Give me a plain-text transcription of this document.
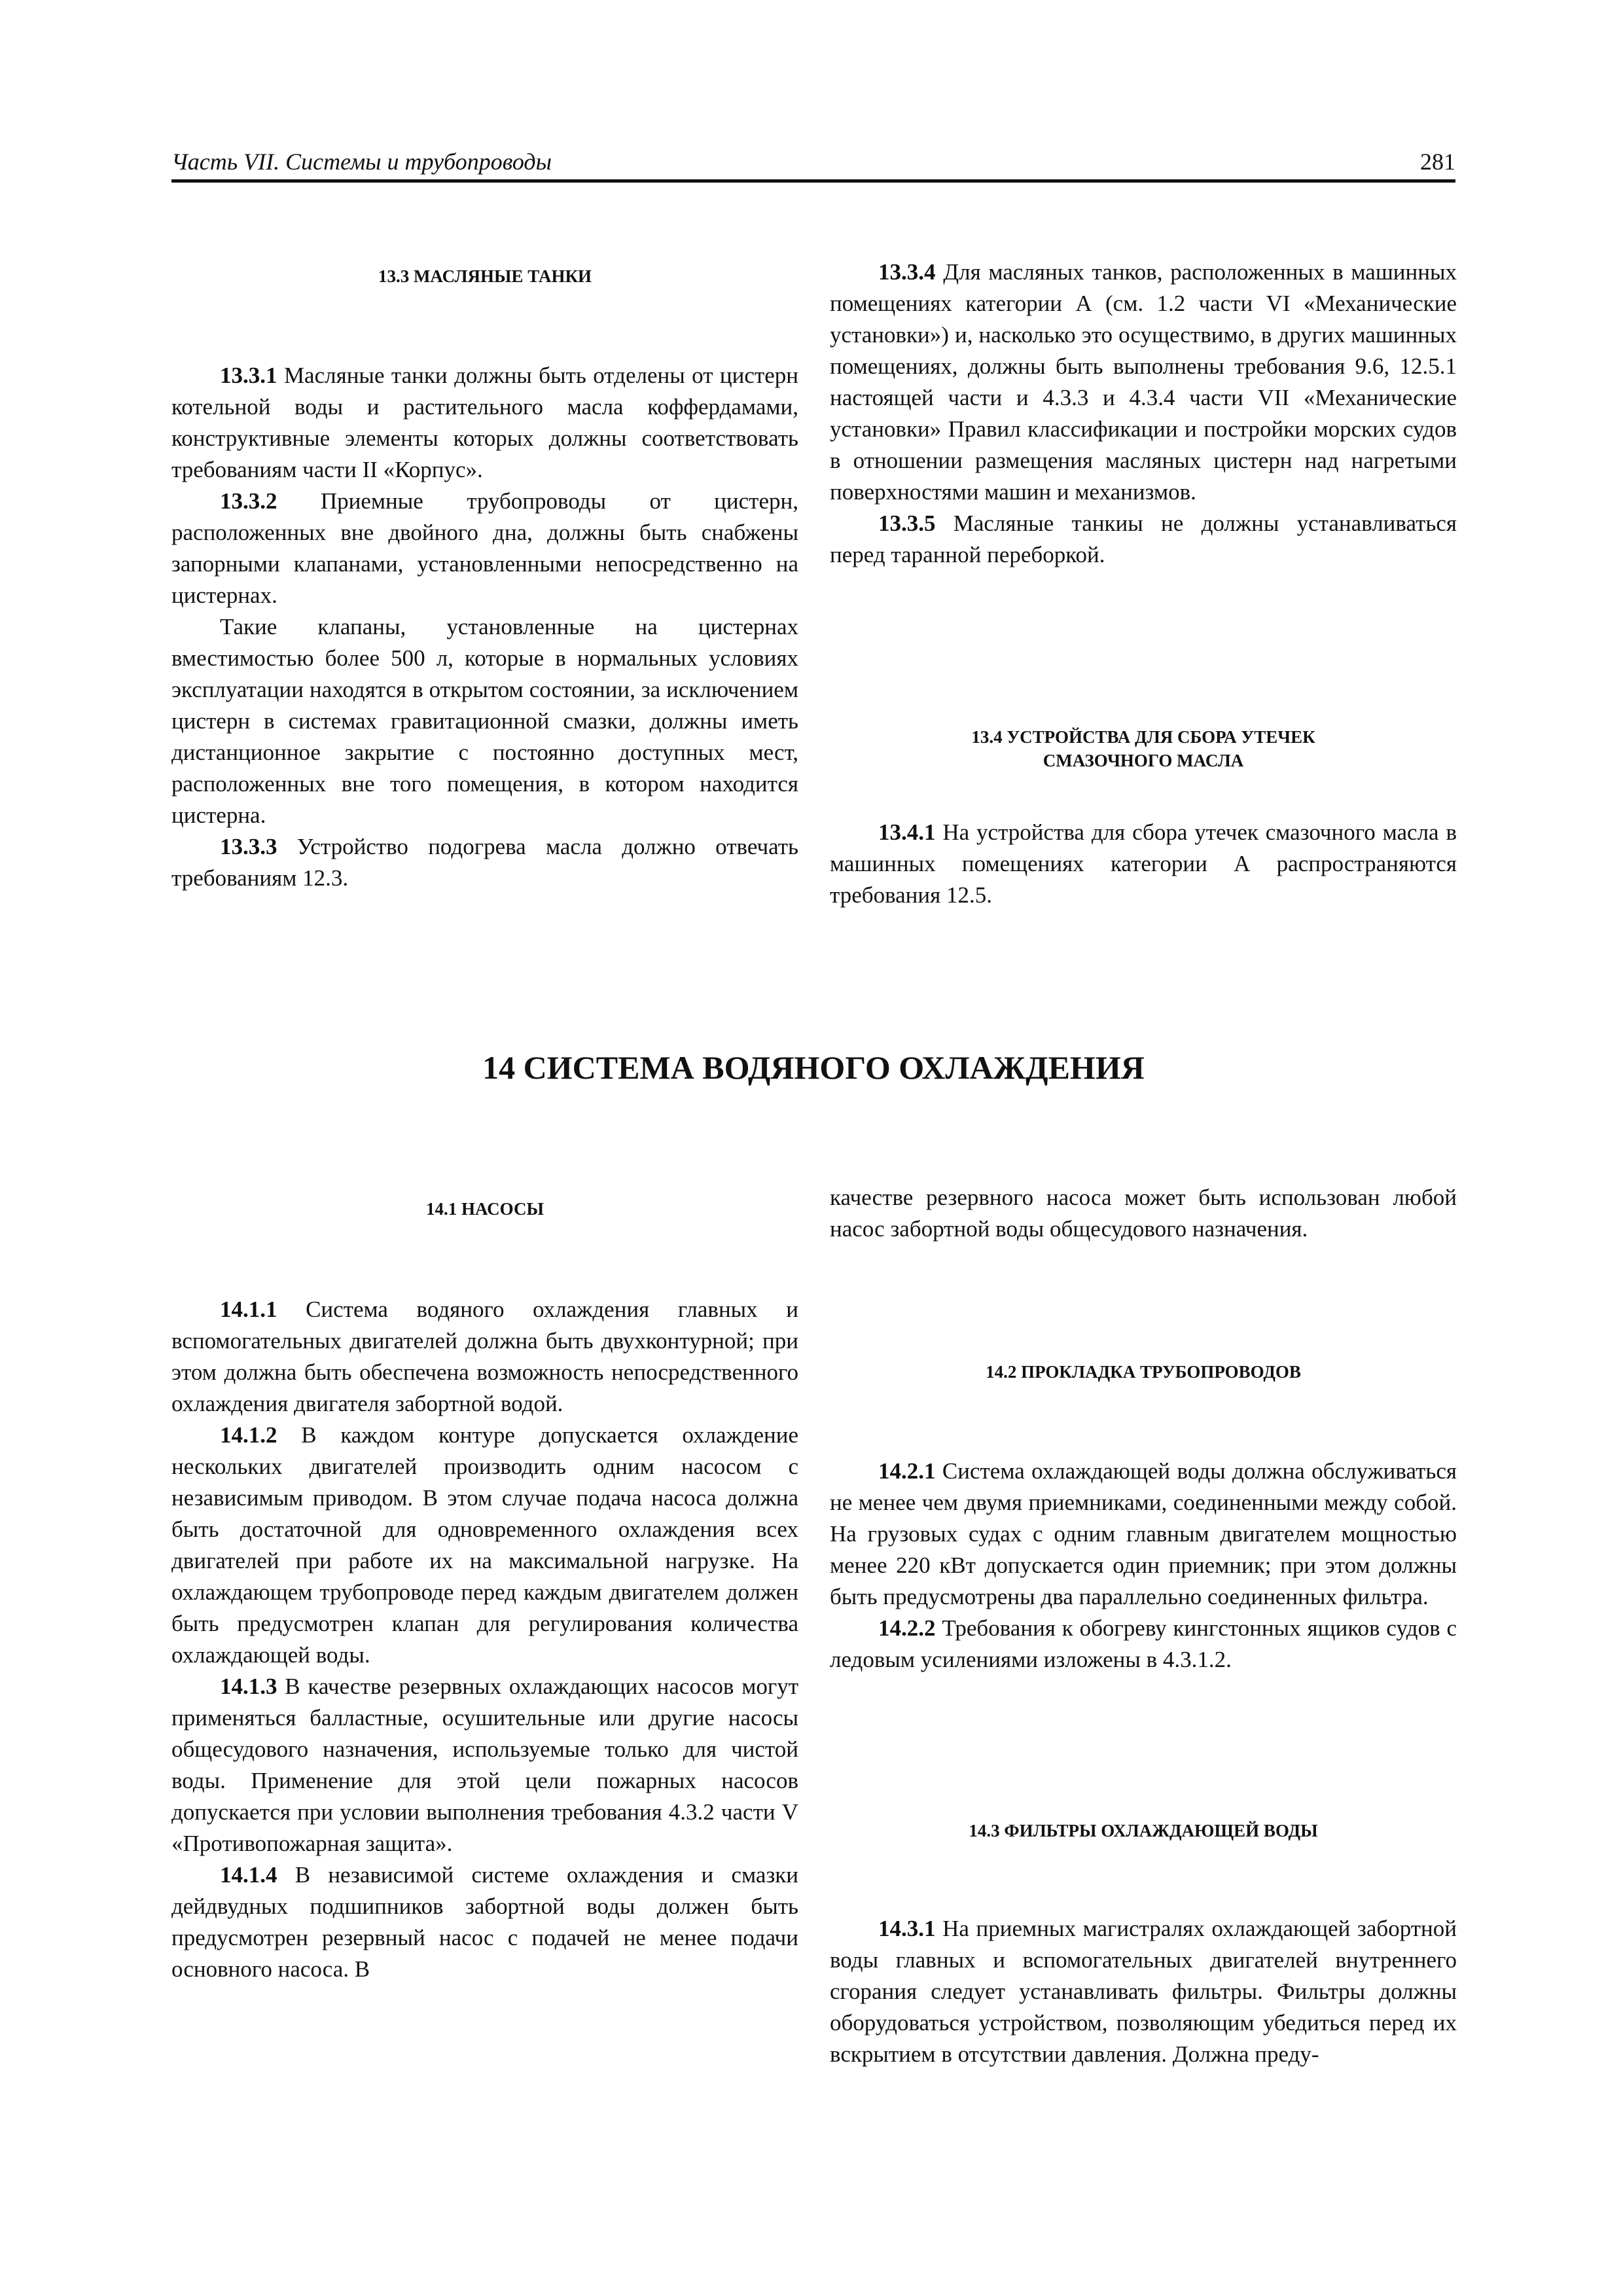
Часть VII. Системы и трубопроводы	281
13.3 МАСЛЯНЫЕ ТАНКИ

13.3.1 Масляные танки должны быть отделены от цистерн котельной воды и растительного масла коффердамами, конструктивные элементы которых должны соответствовать требованиям части II «Корпус».

13.3.2 Приемные трубопроводы от цистерн, расположенных вне двойного дна, должны быть снабжены запорными клапанами, установленными непосредственно на цистернах.

Такие клапаны, установленные на цистернах вместимостью более 500 л, которые в нормальных условиях эксплуатации находятся в открытом состоянии, за исключением цистерн в системах гравитационной смазки, должны иметь дистанционное закрытие с постоянно доступных мест, расположенных вне того помещения, в котором находится цистерна.

13.3.3 Устройство подогрева масла должно отвечать требованиям 12.3.

13.3.4 Для масляных танков, расположенных в машинных помещениях категории А (см. 1.2 части VI «Механические установки») и, насколько это осуществимо, в других машинных помещениях, должны быть выполнены требования 9.6, 12.5.1 настоящей части и 4.3.3 и 4.3.4 части VII «Механические установки» Правил классификации и постройки морских судов в отношении размещения масляных цистерн над нагретыми поверхностями машин и механизмов.

13.3.5 Масляные танкиы не должны устанавливаться перед таранной переборкой.

13.4 УСТРОЙСТВА ДЛЯ СБОРА УТЕЧЕК
СМАЗОЧНОГО МАСЛА

13.4.1 На устройства для сбора утечек смазочного масла в машинных помещениях категории А распространяются требования 12.5.

14 СИСТЕМА ВОДЯНОГО ОХЛАЖДЕНИЯ
14.1 НАСОСЫ

14.1.1 Система водяного охлаждения главных и вспомогательных двигателей должна быть двухконтурной; при этом должна быть обеспечена возможность непосредственного охлаждения двигателя забортной водой.

14.1.2 В каждом контуре допускается охлаждение нескольких двигателей производить одним насосом с независимым приводом. В этом случае подача насоса должна быть достаточной для одновременного охлаждения всех двигателей при работе их на максимальной нагрузке. На охлаждающем трубопроводе перед каждым двигателем должен быть предусмотрен клапан для регулирования количества охлаждающей воды.

14.1.3 В качестве резервных охлаждающих насосов могут применяться балластные, осушительные или другие насосы общесудового назначения, используемые только для чистой воды. Применение для этой цели пожарных насосов допускается при условии выполнения требования 4.3.2 части V «Противопожарная защита».

14.1.4 В независимой системе охлаждения и смазки дейдвудных подшипников забортной воды должен быть предусмотрен резервный насос с подачей не менее подачи основного насоса. В

качестве резервного насоса может быть использован любой насос забортной воды общесудового назначения.

14.2 ПРОКЛАДКА ТРУБОПРОВОДОВ

14.2.1 Система охлаждающей воды должна обслуживаться не менее чем двумя приемниками, соединенными между собой. На грузовых судах с одним главным двигателем мощностью менее 220 кВт допускается один приемник; при этом должны быть предусмотрены два параллельно соединенных фильтра.

14.2.2 Требования к обогреву кингстонных ящиков судов с ледовым усилениями изложены в 4.3.1.2.

14.3 ФИЛЬТРЫ ОХЛАЖДАЮЩЕЙ ВОДЫ

14.3.1 На приемных магистралях охлаждающей забортной воды главных и вспомогательных двигателей внутреннего сгорания следует устанавливать фильтры. Фильтры должны оборудоваться устройством, позволяющим убедиться перед их вскрытием в отсутствии давления. Должна преду-
